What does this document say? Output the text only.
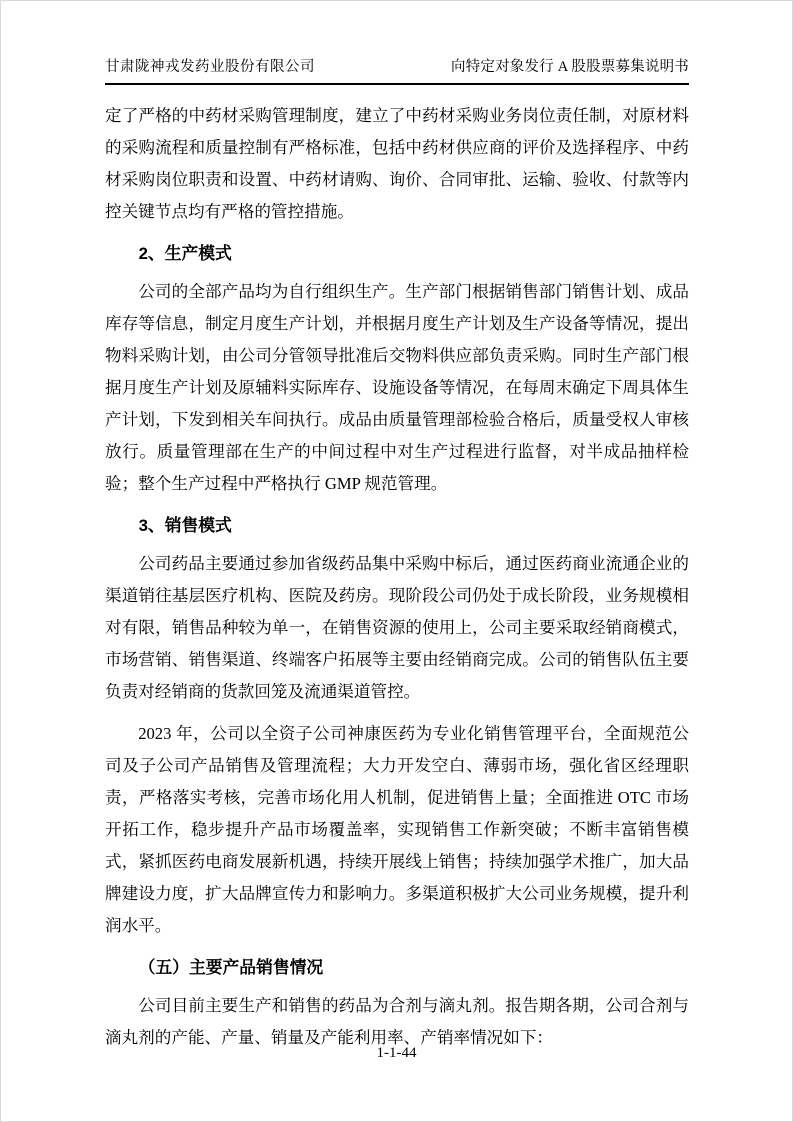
甘肃陇神戎发药业股份有限公司	向特定对象发行 A 股股票募集说明书

定了严格的中药材采购管理制度，建立了中药材采购业务岗位责任制，对原材料的采购流程和质量控制有严格标准，包括中药材供应商的评价及选择程序、中药材采购岗位职责和设置、中药材请购、询价、合同审批、运输、验收、付款等内控关键节点均有严格的管控措施。

2、生产模式

公司的全部产品均为自行组织生产。生产部门根据销售部门销售计划、成品库存等信息，制定月度生产计划，并根据月度生产计划及生产设备等情况，提出物料采购计划，由公司分管领导批准后交物料供应部负责采购。同时生产部门根据月度生产计划及原辅料实际库存、设施设备等情况，在每周末确定下周具体生产计划，下发到相关车间执行。成品由质量管理部检验合格后，质量受权人审核放行。质量管理部在生产的中间过程中对生产过程进行监督，对半成品抽样检验；整个生产过程中严格执行 GMP 规范管理。

3、销售模式

公司药品主要通过参加省级药品集中采购中标后，通过医药商业流通企业的渠道销往基层医疗机构、医院及药房。现阶段公司仍处于成长阶段，业务规模相对有限，销售品种较为单一，在销售资源的使用上，公司主要采取经销商模式，市场营销、销售渠道、终端客户拓展等主要由经销商完成。公司的销售队伍主要负责对经销商的货款回笼及流通渠道管控。

2023 年，公司以全资子公司神康医药为专业化销售管理平台，全面规范公司及子公司产品销售及管理流程；大力开发空白、薄弱市场，强化省区经理职责，严格落实考核，完善市场化用人机制，促进销售上量；全面推进 OTC 市场开拓工作，稳步提升产品市场覆盖率，实现销售工作新突破；不断丰富销售模式，紧抓医药电商发展新机遇，持续开展线上销售；持续加强学术推广，加大品牌建设力度，扩大品牌宣传力和影响力。多渠道积极扩大公司业务规模，提升利润水平。

（五）主要产品销售情况

公司目前主要生产和销售的药品为合剂与滴丸剂。报告期各期，公司合剂与滴丸剂的产能、产量、销量及产能利用率、产销率情况如下：

1-1-44
